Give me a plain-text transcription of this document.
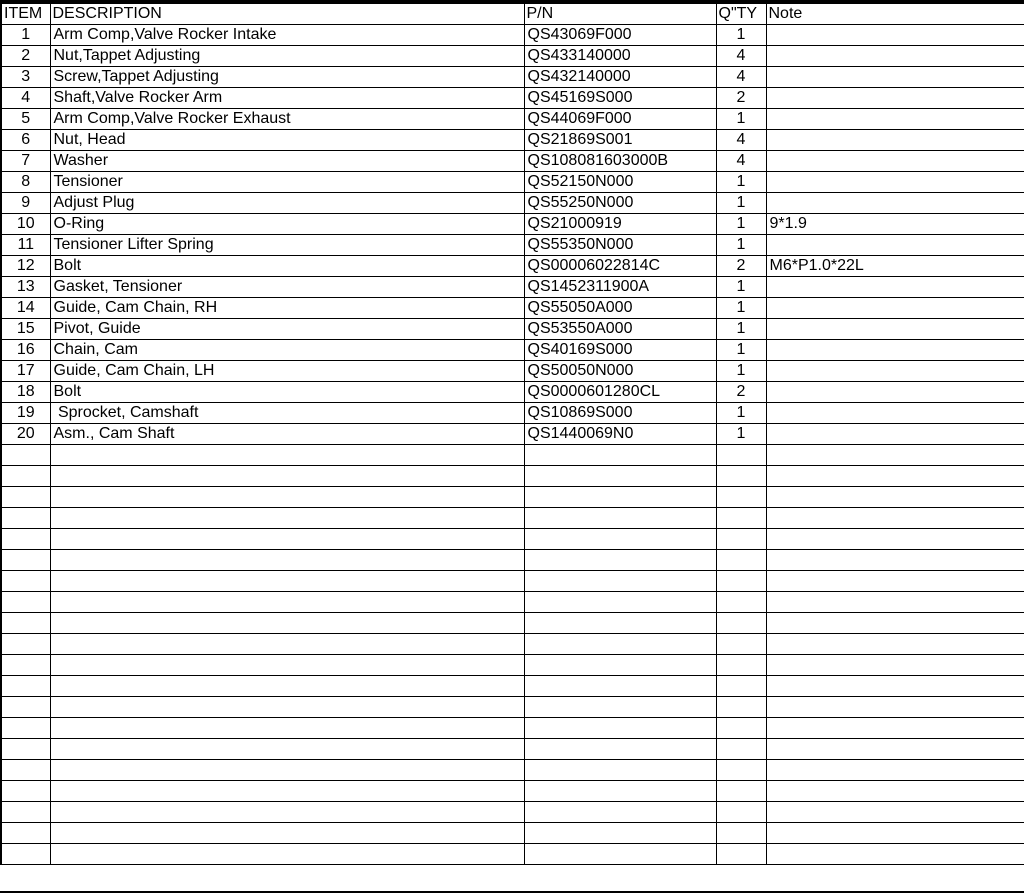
ITEM	DESCRIPTION	P/N	Q"TY	Note
1	Arm Comp,Valve Rocker Intake	QS43069F000	1	
2	Nut,Tappet Adjusting	QS433140000	4	
3	Screw,Tappet Adjusting	QS432140000	4	
4	Shaft,Valve Rocker Arm	QS45169S000	2	
5	Arm Comp,Valve Rocker Exhaust	QS44069F000	1	
6	Nut, Head	QS21869S001	4	
7	Washer	QS108081603000B	4	
8	Tensioner	QS52150N000	1	
9	Adjust Plug	QS55250N000	1	
10	O-Ring	QS21000919	1	9*1.9
11	Tensioner Lifter Spring	QS55350N000	1	
12	Bolt	QS00006022814C	2	M6*P1.0*22L
13	Gasket, Tensioner	QS1452311900A	1	
14	Guide, Cam Chain, RH	QS55050A000	1	
15	Pivot, Guide	QS53550A000	1	
16	Chain, Cam	QS40169S000	1	
17	Guide, Cam Chain, LH	QS50050N000	1	
18	Bolt	QS0000601280CL	2	
19	Sprocket, Camshaft	QS10869S000	1	
20	Asm., Cam Shaft	QS1440069N0	1	
